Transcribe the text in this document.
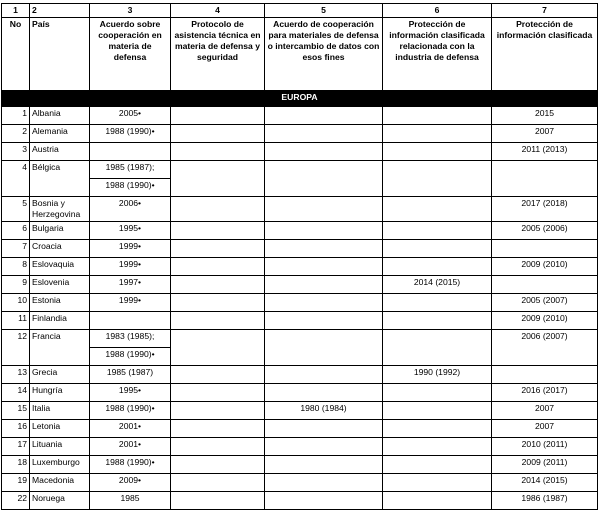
1	2	3	4	5	6	7
No	País	Acuerdo sobre cooperación en materia de defensa	Protocolo de asistencia técnica en materia de defensa y seguridad	Acuerdo de cooperación para materiales de defensa o intercambio de datos con esos fines	Protección de información clasificada relacionada con la industria de defensa	Protección de información clasificada
EUROPA						
1	Albania	2005•				2015
2	Alemania	1988 (1990)•				2007
3	Austria					2011 (2013)
4	Bélgica	1985 (1987);				
		1988 (1990)•				
5	Bosnia y Herzegovina	2006•				2017 (2018)
6	Bulgaria	1995•				2005 (2006)
7	Croacia	1999•				
8	Eslovaquia	1999•				2009 (2010)
9	Eslovenia	1997•			2014 (2015)	
10	Estonia	1999•				2005 (2007)
11	Finlandia					2009 (2010)
12	Francia	1983 (1985);				2006 (2007)
		1988 (1990)•				
13	Grecia	1985 (1987)			1990 (1992)	
14	Hungría	1995•				2016 (2017)
15	Italia	1988 (1990)•		1980 (1984)		2007
16	Letonia	2001•				2007
17	Lituania	2001•				2010 (2011)
18	Luxemburgo	1988 (1990)•				2009 (2011)
19	Macedonia	2009•				2014 (2015)
22	Noruega	1985				1986 (1987)
